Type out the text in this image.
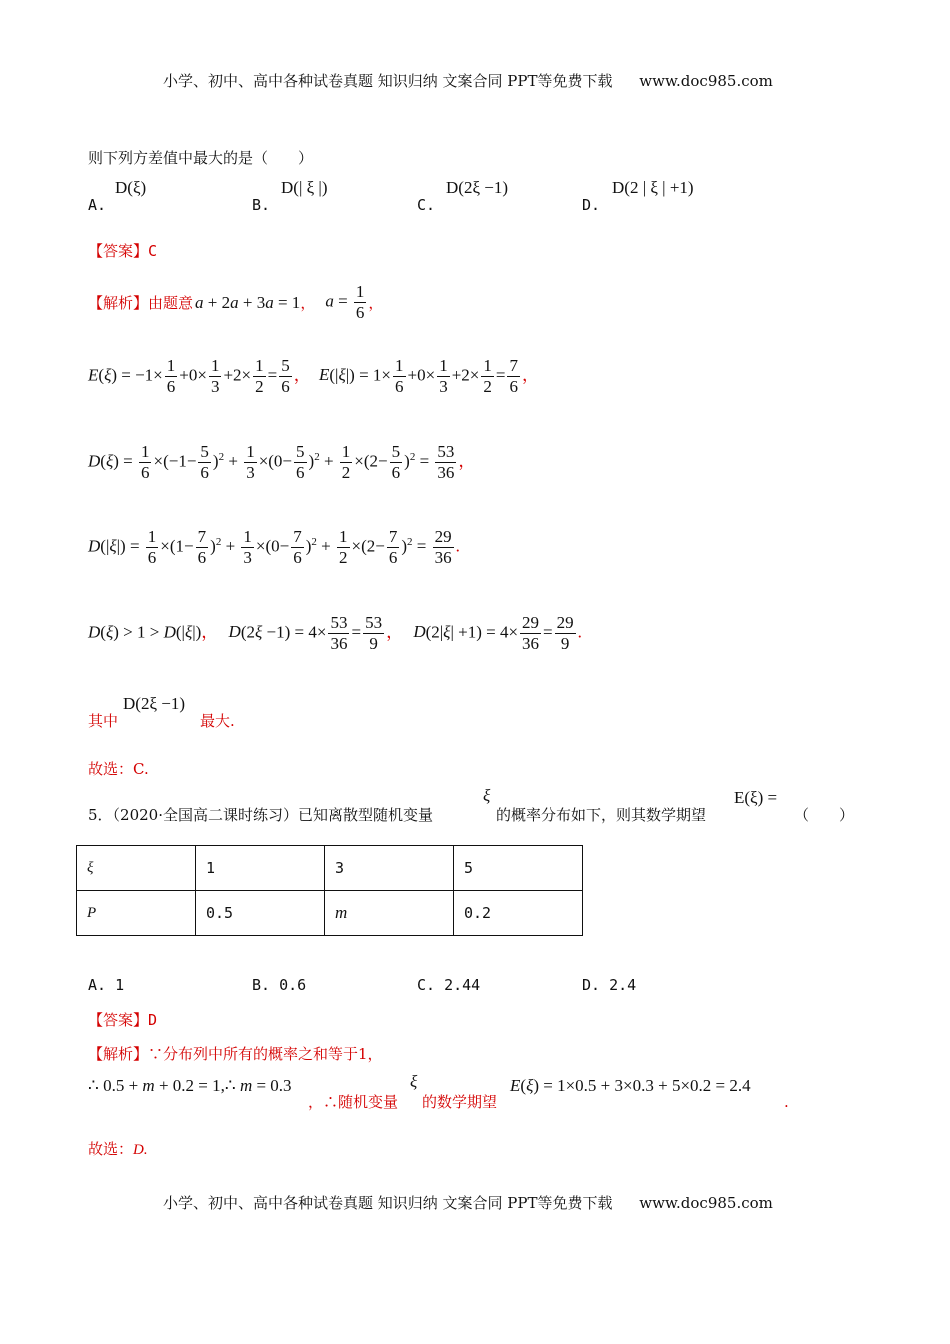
小学、初中、高中各种试卷真题 知识归纳 文案合同 PPT等免费下载 www.doc985.com
则下列方差值中最大的是（　　）
A.
D(ξ)
B.
D(| ξ |)
C.
D(2ξ −1)
D.
D(2 | ξ | +1)
【答案】C
【解析】 由题意 a + 2a + 3a = 1 ， $a = \frac{1}{6}$ ，
$E(\xi) = -1\times \frac{1}{6} +0\times \frac{1}{3} +2\times \frac{1}{2} = \frac{5}{6}$ ， $E(|\xi|) = 1\times \frac{1}{6} +0\times \frac{1}{3} +2\times \frac{1}{2} = \frac{7}{6}$ ，
$D(\xi) = \frac{1}{6} \times(-1- \frac{5}{6} )^2 + \frac{1}{3} \times(0- \frac{5}{6} )^2 + \frac{1}{2} \times(2- \frac{5}{6} )^2 = \frac{53}{36}$ ，
$D(|\xi|) = \frac{1}{6} \times(1- \frac{7}{6} )^2 + \frac{1}{3} \times(0- \frac{7}{6} )^2 + \frac{1}{2} \times(2- \frac{7}{6} )^2 = \frac{29}{36}$ .
D(ξ) > 1 > D(|ξ|)， $D(2\xi -1) = 4\times \frac{53}{36} = \frac{53}{9}$ ， $D(2|\xi| +1) = 4\times \frac{29}{36} = \frac{29}{9}$ .
D(2ξ −1)
其中	最大.
故选：C.
5．（2020·全国高二课时练习）已知离散型随机变量
ξ
的概率分布如下，则其数学期望
E(ξ) =
（　　）
ξ	1	3	5
P	0.5	m	0.2
A. 1	B. 0.6	C. 2.44	D. 2.4
【答案】D
【解析】∵分布列中所有的概率之和等于1，
∴ 0.5 + m + 0.2 = 1,∴ m = 0.3
，∴随机变量
ξ
的数学期望
E(ξ) = 1×0.5 + 3×0.3 + 5×0.2 = 2.4
.
故选：D.
小学、初中、高中各种试卷真题 知识归纳 文案合同 PPT等免费下载 www.doc985.com
